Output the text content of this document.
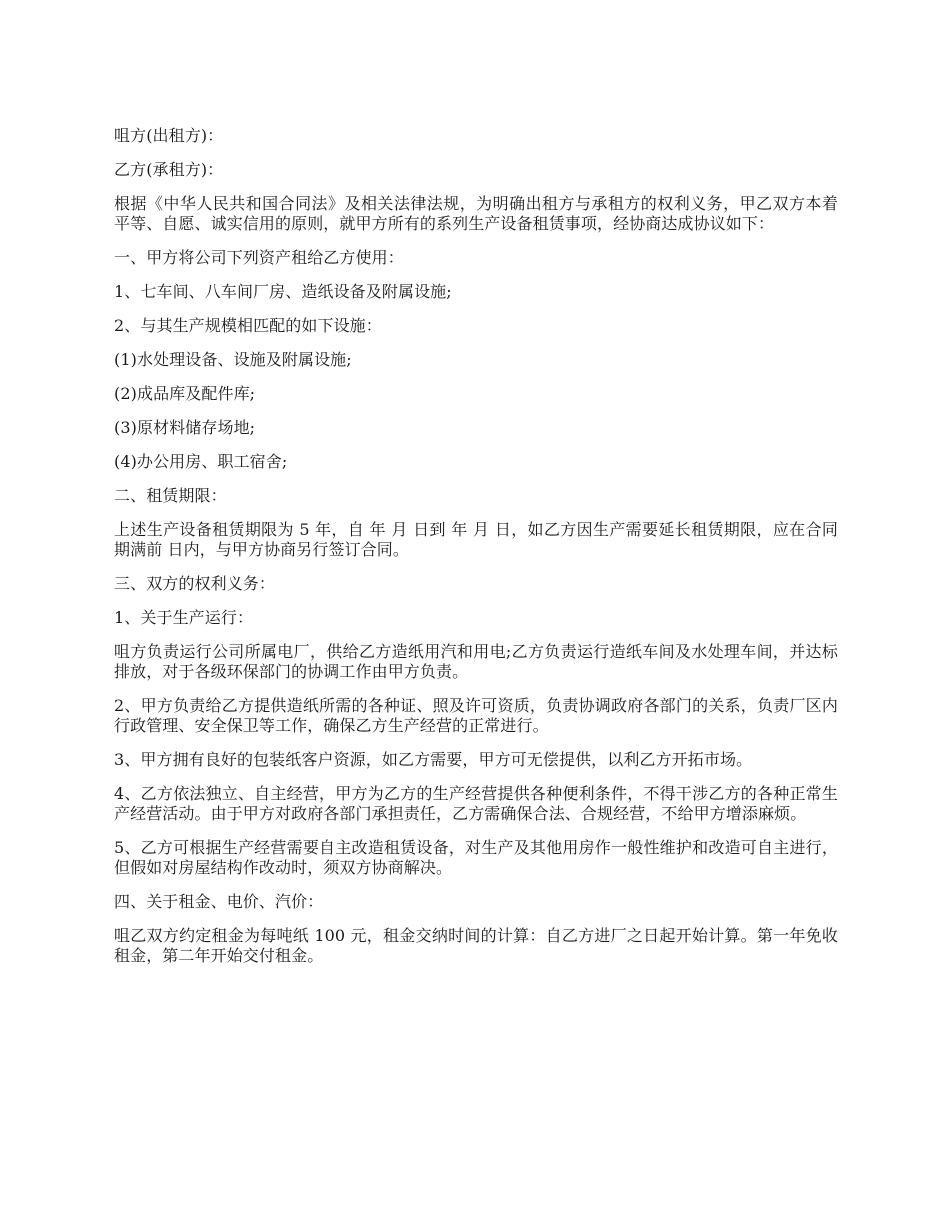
咀方(出租方)：

乙方(承租方)：

根据《中华人民共和国合同法》及相关法律法规，为明确出租方与承租方的权利义务，甲乙双方本着平等、自愿、诚实信用的原则，就甲方所有的系列生产设备租赁事项，经协商达成协议如下：

一、甲方将公司下列资产租给乙方使用：

1、七车间、八车间厂房、造纸设备及附属设施;

2、与其生产规模相匹配的如下设施：

(1)水处理设备、设施及附属设施;

(2)成品库及配件库;

(3)原材料储存场地;

(4)办公用房、职工宿舍;

二、租赁期限：

上述生产设备租赁期限为 5 年，自 年 月 日到 年 月 日，如乙方因生产需要延长租赁期限，应在合同期满前 日内，与甲方协商另行签订合同。

三、双方的权利义务：

1、关于生产运行：

咀方负责运行公司所属电厂，供给乙方造纸用汽和用电;乙方负责运行造纸车间及水处理车间，并达标排放，对于各级环保部门的协调工作由甲方负责。

2、甲方负责给乙方提供造纸所需的各种证、照及许可资质，负责协调政府各部门的关系，负责厂区内行政管理、安全保卫等工作，确保乙方生产经营的正常进行。

3、甲方拥有良好的包装纸客户资源，如乙方需要，甲方可无偿提供，以利乙方开拓市场。

4、乙方依法独立、自主经营，甲方为乙方的生产经营提供各种便利条件，不得干涉乙方的各种正常生产经营活动。由于甲方对政府各部门承担责任，乙方需确保合法、合规经营，不给甲方增添麻烦。

5、乙方可根据生产经营需要自主改造租赁设备，对生产及其他用房作一般性维护和改造可自主进行，但假如对房屋结构作改动时，须双方协商解决。

四、关于租金、电价、汽价：

咀乙双方约定租金为每吨纸 100 元，租金交纳时间的计算：自乙方进厂之日起开始计算。第一年免收租金，第二年开始交付租金。
